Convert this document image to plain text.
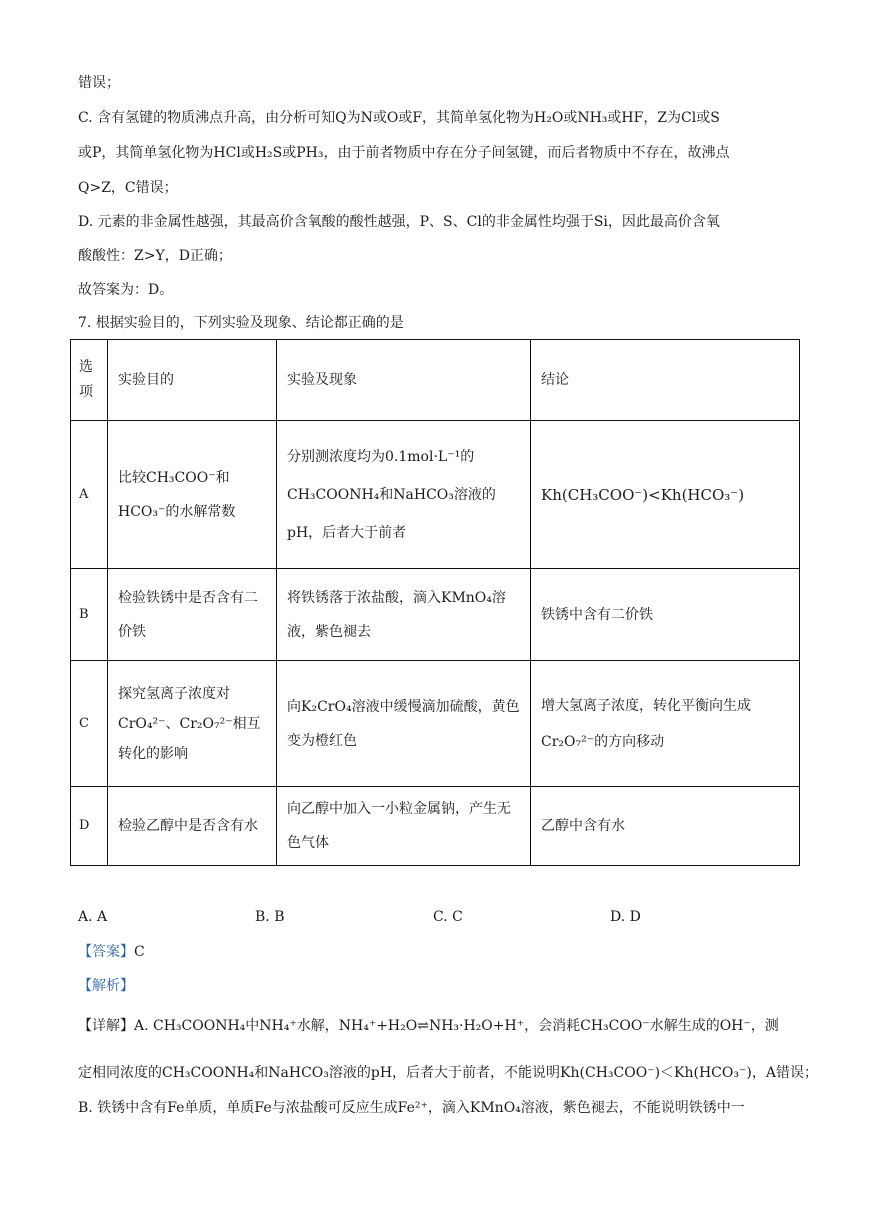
错误；
C. 含有氢键的物质沸点升高，由分析可知Q为N或O或F，其简单氢化物为H₂O或NH₃或HF，Z为Cl或S
或P，其简单氢化物为HCl或H₂S或PH₃，由于前者物质中存在分子间氢键，而后者物质中不存在，故沸点
Q>Z，C错误；
D. 元素的非金属性越强，其最高价含氧酸的酸性越强，P、S、Cl的非金属性均强于Si，因此最高价含氧
酸酸性：Z>Y，D正确；
故答案为：D。
7. 根据实验目的，下列实验及现象、结论都正确的是
选项	实验目的	实验及现象	结论
A	比较CH₃COO⁻和HCO₃⁻的水解常数	分别测浓度均为0.1mol·L⁻¹的CH₃COONH₄和NaHCO₃溶液的pH，后者大于前者	Kh(CH₃COO⁻)<Kh(HCO₃⁻)
B	检验铁锈中是否含有二价铁	将铁锈落于浓盐酸，滴入KMnO₄溶液，紫色褪去	铁锈中含有二价铁
C	探究氢离子浓度对CrO₄²⁻、Cr₂O₇²⁻相互转化的影响	向K₂CrO₄溶液中缓慢滴加硫酸，黄色变为橙红色	增大氢离子浓度，转化平衡向生成Cr₂O₇²⁻的方向移动
D	检验乙醇中是否含有水	向乙醇中加入一小粒金属钠，产生无色气体	乙醇中含有水
A. A	B. B	C. C	D. D
【答案】C
【解析】
【详解】A. CH₃COONH₄中NH₄⁺水解，NH₄⁺+H₂O⇌NH₃·H₂O+H⁺，会消耗CH₃COO⁻水解生成的OH⁻，测
定相同浓度的CH₃COONH₄和NaHCO₃溶液的pH，后者大于前者，不能说明Kh(CH₃COO⁻)＜Kh(HCO₃⁻)，A错误；
B. 铁锈中含有Fe单质，单质Fe与浓盐酸可反应生成Fe²⁺，滴入KMnO₄溶液，紫色褪去，不能说明铁锈中一
